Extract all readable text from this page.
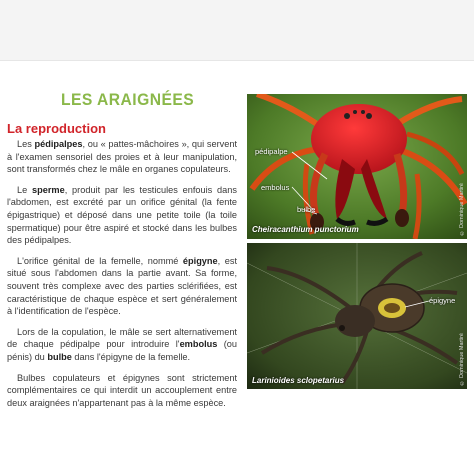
LES ARAIGNÉES
La reproduction

Les pédipalpes, ou « pattes-mâchoires », qui servent à l'examen sensoriel des proies et à leur manipulation, sont transformés chez le mâle en organes copulateurs.

Le sperme, produit par les testicules enfouis dans l'abdomen, est excrété par un orifice génital (la fente épigastrique) et déposé dans une petite toile (la toile spermatique) pour être aspiré et stocké dans les bulbes des pédipalpes.

L'orifice génital de la femelle, nommé épigyne, est situé sous l'abdomen dans la partie avant. Sa forme, souvent très complexe avec des parties sclérifiées, est caractéristique de chaque espèce et sert généralement à l'identification de l'espèce.

Lors de la copulation, le mâle se sert alternativement de chaque pédipalpe pour introduire l'embolus (ou pénis) du bulbe dans l'épigyne de la femelle.

Bulbes copulateurs et épigynes sont strictement complémentaires ce qui interdit un accouplement entre deux araignées n'appartenant pas à la même espèce.

pédipalpe
embolus
bulbe
Cheiracanthium punctorium	© Dominique Martiré
épigyne
Larinioides sclopetarius	© Dominique Martiré
